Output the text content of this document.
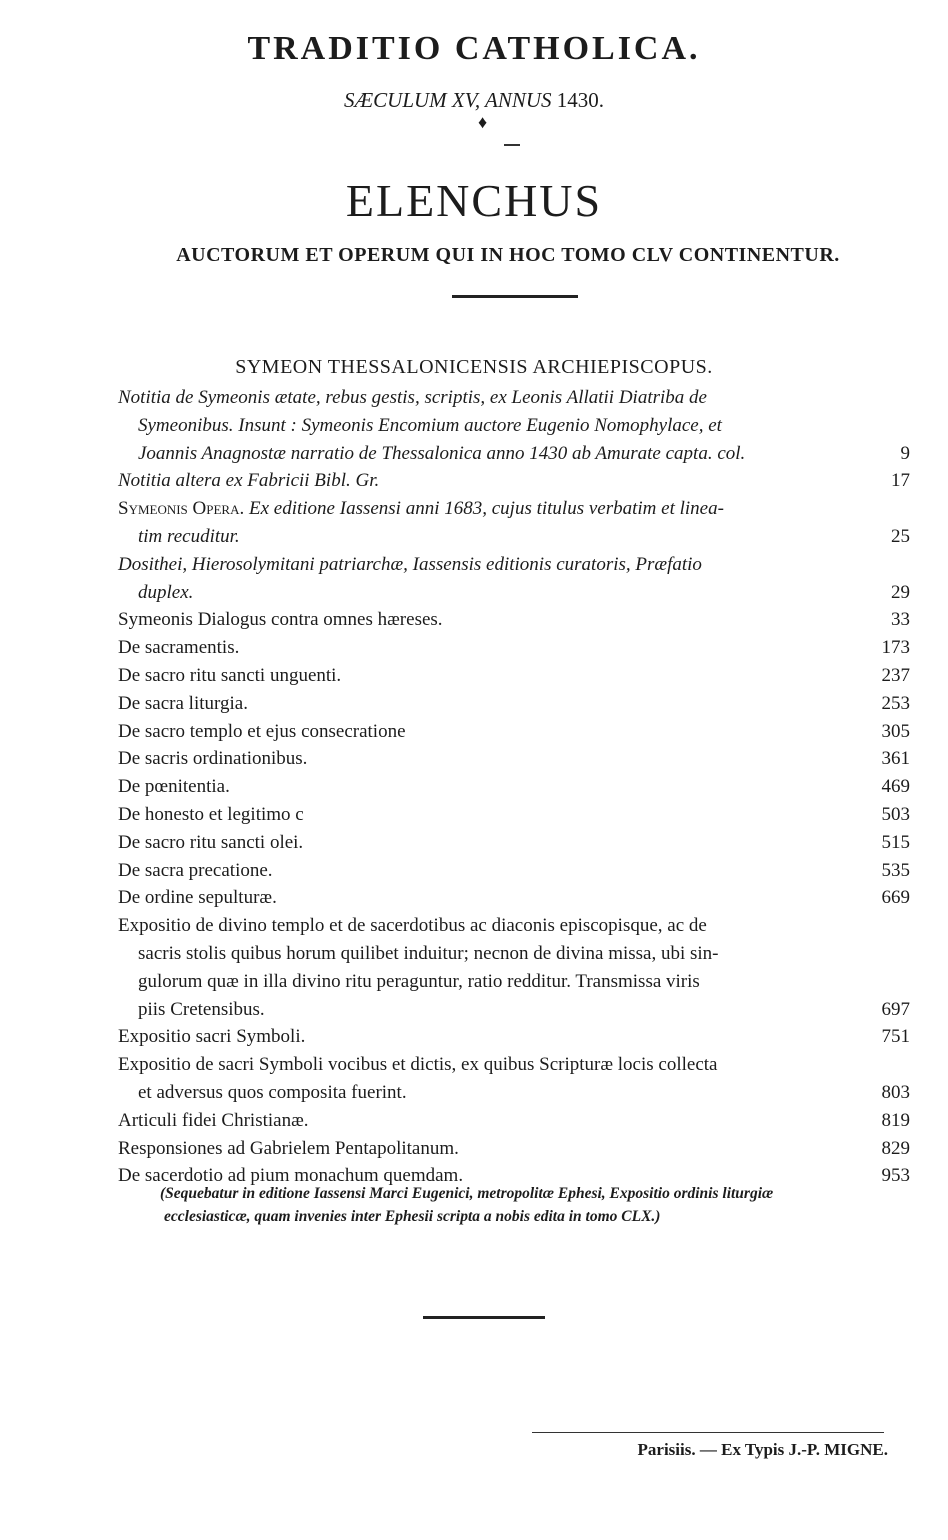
TRADITIO CATHOLICA.
SÆCULUM XV, ANNUS 1430.
♦
ELENCHUS
AUCTORUM ET OPERUM QUI IN HOC TOMO CLV CONTINENTUR.
SYMEON THESSALONICENSIS ARCHIEPISCOPUS.
Notitia de Symeonis ætate, rebus gestis, scriptis, ex Leonis Allatii Diatriba de
Symeonibus. Insunt : Symeonis Encomium auctore Eugenio Nomophylace, et
Joannis Anagnostæ narratio de Thessalonica anno 1430 ab Amurate capta. col.	9
Notitia altera ex Fabricii Bibl. Gr.	17
Symeonis Opera. Ex editione Iassensi anni 1683, cujus titulus verbatim et linea-
tim recuditur.	25
Dosithei, Hierosolymitani patriarchæ, Iassensis editionis curatoris, Præfatio
duplex.	29
Symeonis Dialogus contra omnes hæreses.	33
De sacramentis.	173
De sacro ritu sancti unguenti.	237
De sacra liturgia.	253
De sacro templo et ejus consecratione	305
De sacris ordinationibus.	361
De pœnitentia.	469
De honesto et legitimo c	503
De sacro ritu sancti olei.	515
De sacra precatione.	535
De ordine sepulturæ.	669
Expositio de divino templo et de sacerdotibus ac diaconis episcopisque, ac de
sacris stolis quibus horum quilibet induitur; necnon de divina missa, ubi sin-
gulorum quæ in illa divino ritu peraguntur, ratio redditur. Transmissa viris
piis Cretensibus.	697
Expositio sacri Symboli.	751
Expositio de sacri Symboli vocibus et dictis, ex quibus Scripturæ locis collecta
et adversus quos composita fuerint.	803
Articuli fidei Christianæ.	819
Responsiones ad Gabrielem Pentapolitanum.	829
De sacerdotio ad pium monachum quemdam.	953
(Sequebatur in editione Iassensi Marci Eugenici, metropolitæ Ephesi, Expositio ordinis liturgiæ
ecclesiasticæ, quam invenies inter Ephesii scripta a nobis edita in tomo CLX.)
Parisiis. — Ex Typis J.-P. MIGNE.
